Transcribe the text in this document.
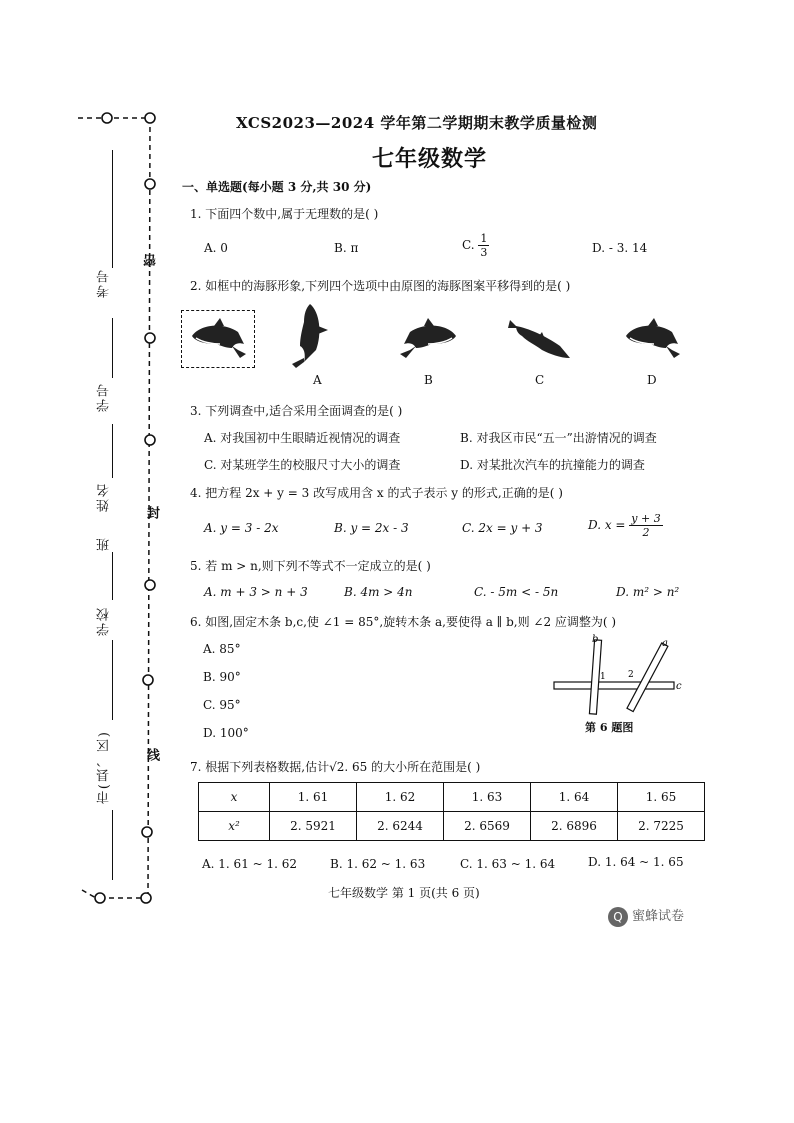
密
封
线
考号
学号
姓名
班
学校
市(县、区)
XCS2023—2024 学年第二学期期末教学质量检测
七年级数学
一、单选题(每小题 3 分,共 30 分)
1. 下面四个数中,属于无理数的是( )
A. 0	B. π	C. $\frac{1}{3}$	D. - 3. 14
2. 如框中的海豚形象,下列四个选项中由原图的海豚图案平移得到的是( )
A	B	C	D
3. 下列调查中,适合采用全面调查的是( )
A. 对我国初中生眼睛近视情况的调查	B. 对我区市民“五一”出游情况的调查
C. 对某班学生的校服尺寸大小的调查	D. 对某批次汽车的抗撞能力的调查
4. 把方程 2x + y = 3 改写成用含 x 的式子表示 y 的形式,正确的是( )
A. y = 3 - 2x	B. y = 2x - 3	C. 2x = y + 3	D. $x = \frac{y + 3}{2}$
5. 若 m > n,则下列不等式不一定成立的是( )
A. m + 3 > n + 3	B. 4m > 4n	C. - 5m < - 5n	D. m² > n²
6. 如图,固定木条 b,c,使 ∠1 = 85°,旋转木条 a,要使得 a ∥ b,则 ∠2 应调整为( )
A. 85°
B. 90°
C. 95°
D. 100°
b	a
c
1 2
第 6 题图
7. 根据下列表格数据,估计√2. 65 的大小所在范围是( )
x	1. 61	1. 62	1. 63	1. 64	1. 65
x²	2. 5921	2. 6244	2. 6569	2. 6896	2. 7225
A. 1. 61 ~ 1. 62	B. 1. 62 ~ 1. 63	C. 1. 63 ~ 1. 64	D. 1. 64 ~ 1. 65
七年级数学 第 1 页(共 6 页)
Q 蜜蜂试卷
